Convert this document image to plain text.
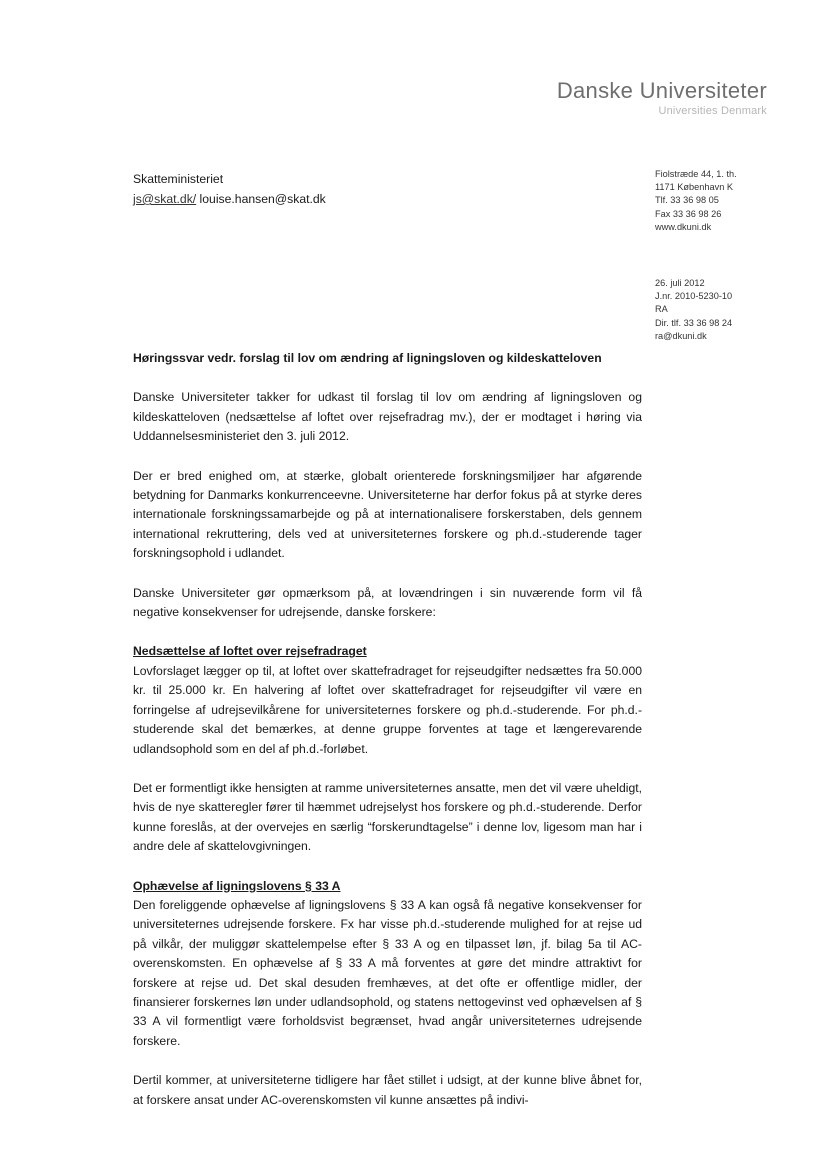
Danske Universiteter
Universities Denmark
Skatteministeriet
js@skat.dk/ louise.hansen@skat.dk
Fiolstræde 44, 1. th.
1171 København K
Tlf. 33 36 98 05
Fax 33 36 98 26
www.dkuni.dk
26. juli 2012
J.nr. 2010-5230-10
RA
Dir. tlf. 33 36 98 24
ra@dkuni.dk

Høringssvar vedr. forslag til lov om ændring af ligningsloven og kildeskatteloven

Danske Universiteter takker for udkast til forslag til lov om ændring af ligningsloven og kildeskatteloven (nedsættelse af loftet over rejsefradrag mv.), der er modtaget i høring via Uddannelsesministeriet den 3. juli 2012.

Der er bred enighed om, at stærke, globalt orienterede forskningsmiljøer har afgørende betydning for Danmarks konkurrenceevne. Universiteterne har derfor fokus på at styrke deres internationale forskningssamarbejde og på at internationalisere forskerstaben, dels gennem international rekruttering, dels ved at universiteternes forskere og ph.d.-studerende tager forskningsophold i udlandet.

Danske Universiteter gør opmærksom på, at lovændringen i sin nuværende form vil få negative konsekvenser for udrejsende, danske forskere:

Nedsættelse af loftet over rejsefradraget

Lovforslaget lægger op til, at loftet over skattefradraget for rejseudgifter nedsættes fra 50.000 kr. til 25.000 kr. En halvering af loftet over skattefradraget for rejseudgifter vil være en forringelse af udrejsevilkårene for universiteternes forskere og ph.d.-studerende. For ph.d.-studerende skal det bemærkes, at denne gruppe forventes at tage et længerevarende udlandsophold som en del af ph.d.-forløbet.

Det er formentligt ikke hensigten at ramme universiteternes ansatte, men det vil være uheldigt, hvis de nye skatteregler fører til hæmmet udrejselyst hos forskere og ph.d.-studerende. Derfor kunne foreslås, at der overvejes en særlig “forskerundtagelse” i denne lov, ligesom man har i andre dele af skattelovgivningen.

Ophævelse af ligningslovens § 33 A

Den foreliggende ophævelse af ligningslovens § 33 A kan også få negative konsekvenser for universiteternes udrejsende forskere. Fx har visse ph.d.-studerende mulighed for at rejse ud på vilkår, der muliggør skattelempelse efter § 33 A og en tilpasset løn, jf. bilag 5a til AC-overenskomsten. En ophævelse af § 33 A må forventes at gøre det mindre attraktivt for forskere at rejse ud. Det skal desuden fremhæves, at det ofte er offentlige midler, der finansierer forskernes løn under udlandsophold, og statens nettogevinst ved ophævelsen af § 33 A vil formentligt være forholdsvist begrænset, hvad angår universiteternes udrejsende forskere.

Dertil kommer, at universiteterne tidligere har fået stillet i udsigt, at der kunne blive åbnet for, at forskere ansat under AC-overenskomsten vil kunne ansættes på indivi-
